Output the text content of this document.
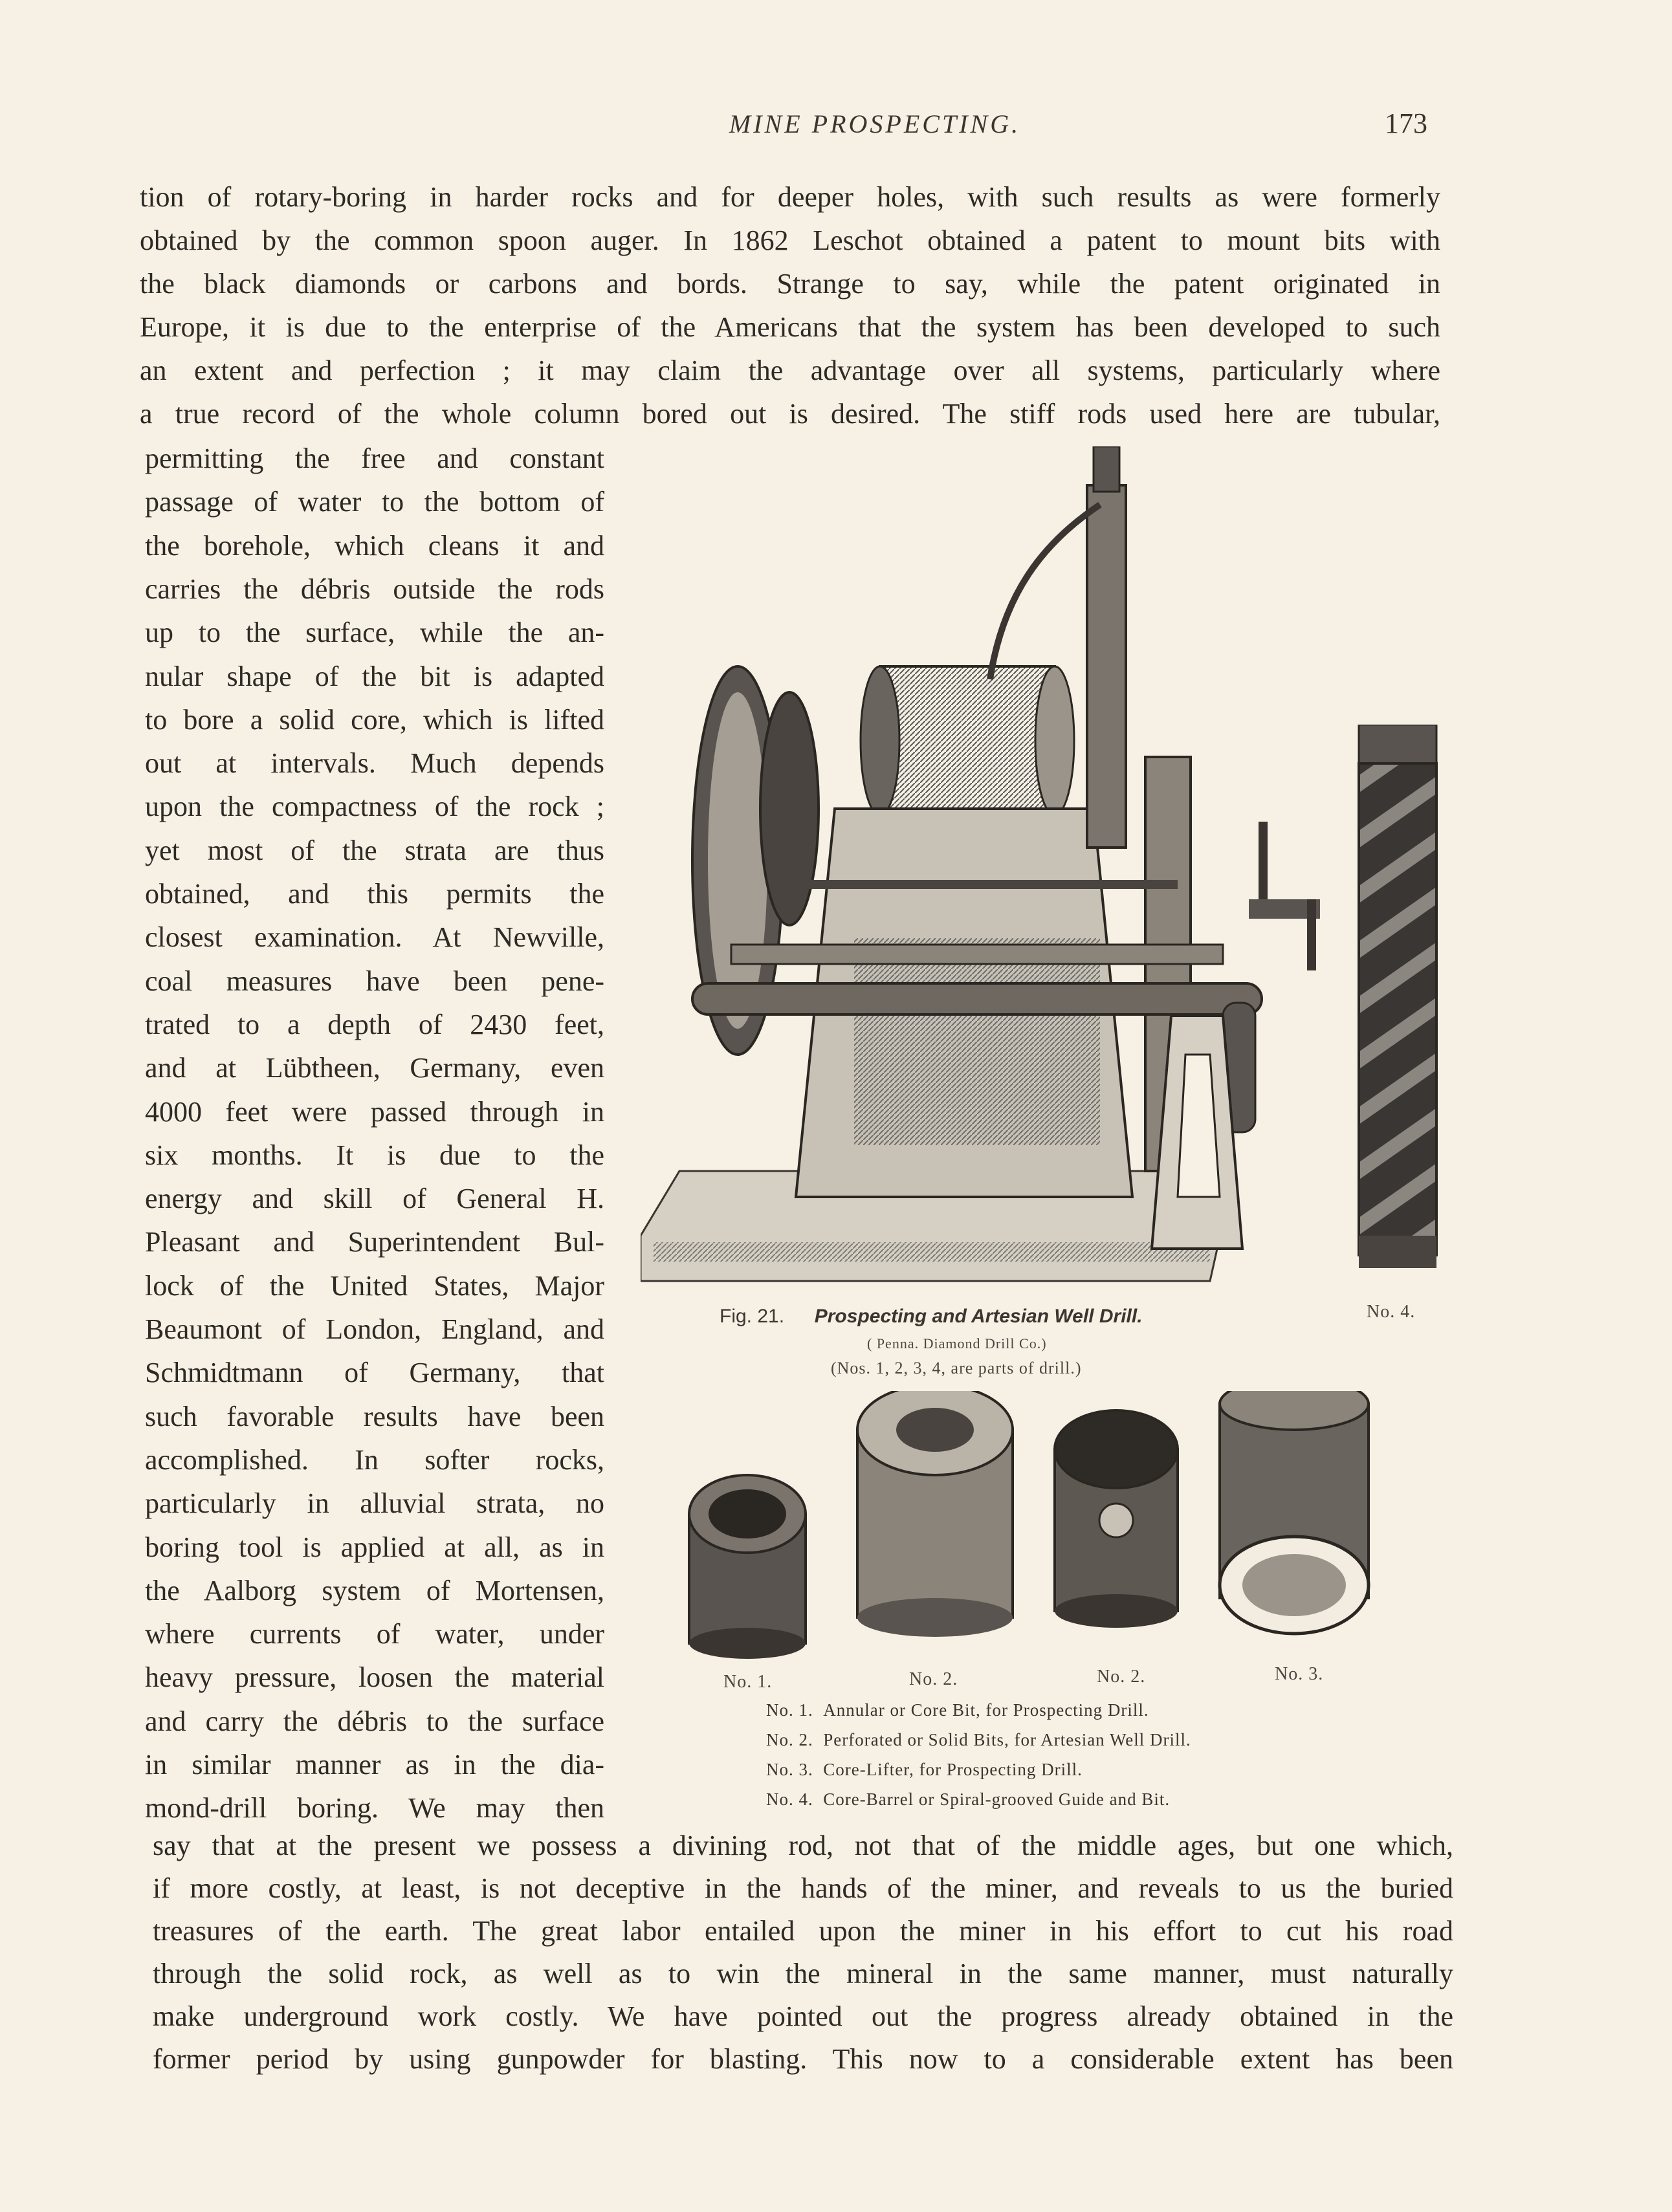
MINE PROSPECTING.	173
tion of rotary-boring in harder rocks and for deeper holes, with such results as were formerly
obtained by the common spoon auger. In 1862 Leschot obtained a patent to mount bits with
the black diamonds or carbons and bords. Strange to say, while the patent originated in
Europe, it is due to the enterprise of the Americans that the system has been developed to such
an extent and perfection ; it may claim the advantage over all systems, particularly where
a true record of the whole column bored out is desired. The stiff rods used here are tubular,
permitting the free and constant
passage of water to the bottom of
the borehole, which cleans it and
carries the débris outside the rods
up to the surface, while the an-
nular shape of the bit is adapted
to bore a solid core, which is lifted
out at intervals. Much depends
upon the compactness of the rock ;
yet most of the strata are thus
obtained, and this permits the
closest examination. At Newville,
coal measures have been pene-
trated to a depth of 2430 feet,
and at Lübtheen, Germany, even
4000 feet were passed through in
six months. It is due to the
energy and skill of General H.
Pleasant and Superintendent Bul-
lock of the United States, Major
Beaumont of London, England, and
Schmidtmann of Germany, that
such favorable results have been
accomplished. In softer rocks,
particularly in alluvial strata, no
boring tool is applied at all, as in
the Aalborg system of Mortensen,
where currents of water, under
heavy pressure, loosen the material
and carry the débris to the surface
in similar manner as in the dia-
mond-drill boring. We may then
say that at the present we possess a divining rod, not that of the middle ages, but one which,
if more costly, at least, is not deceptive in the hands of the miner, and reveals to us the buried
treasures of the earth. The great labor entailed upon the miner in his effort to cut his road
through the solid rock, as well as to win the mineral in the same manner, must naturally
make underground work costly. We have pointed out the progress already obtained in the
former period by using gunpowder for blasting. This now to a considerable extent has been
Fig. 21. Prospecting and Artesian Well Drill.
( Penna. Diamond Drill Co.)
(Nos. 1, 2, 3, 4, are parts of drill.)
No. 4.
No. 1.	No. 2.	No. 2.	No. 3.
No. 1. Annular or Core Bit, for Prospecting Drill.
No. 2. Perforated or Solid Bits, for Artesian Well Drill.
No. 3. Core-Lifter, for Prospecting Drill.
No. 4. Core-Barrel or Spiral-grooved Guide and Bit.
